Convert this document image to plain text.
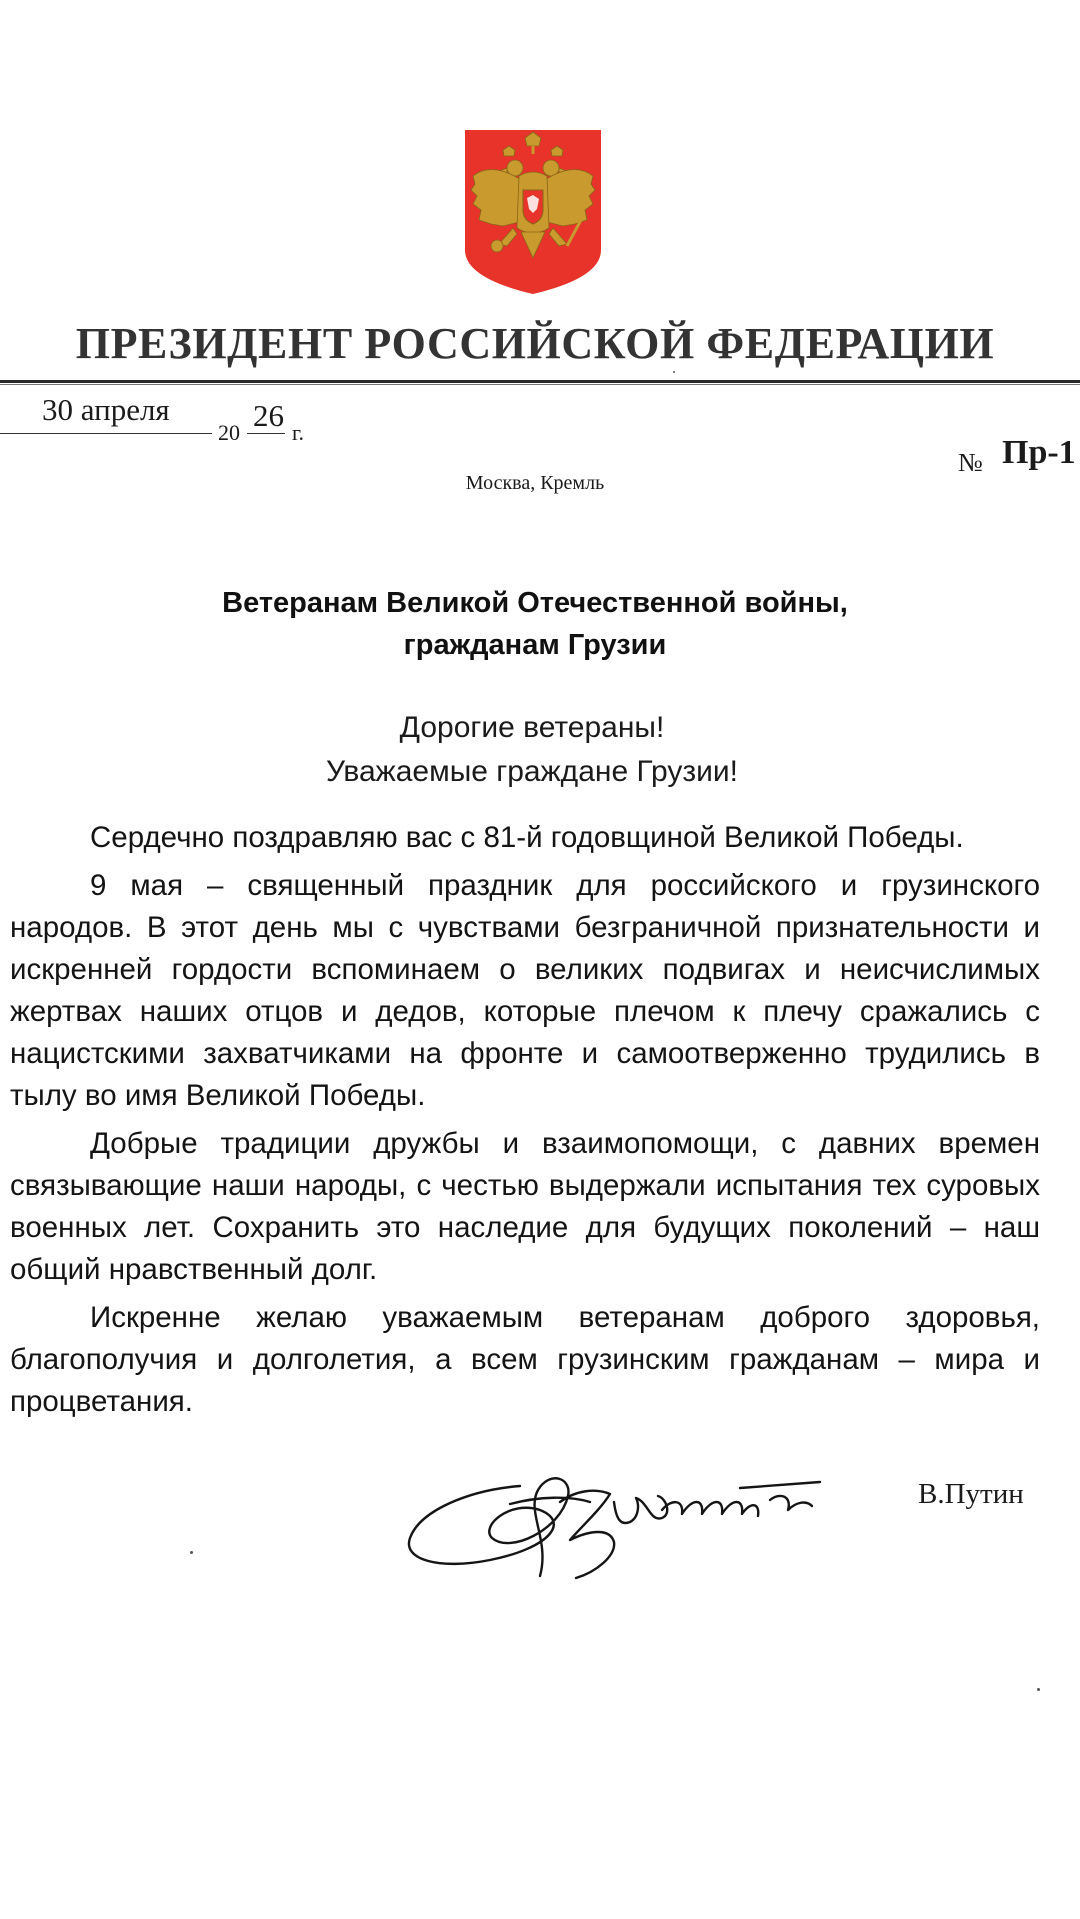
ПРЕЗИДЕНТ РОССИЙСКОЙ ФЕДЕРАЦИИ
30 апреля
20 26 г.
№ Пр-1
Москва, Кремль
Ветеранам Великой Отечественной войны,
гражданам Грузии
Дорогие ветераны!
Уважаемые граждане Грузии!

Сердечно поздравляю вас с 81-й годовщиной Великой Победы.

9 мая – священный праздник для российского и грузинского народов. В этот день мы с чувствами безграничной признательности и искренней гордости вспоминаем о великих подвигах и неисчислимых жертвах наших отцов и дедов, которые плечом к плечу сражались с нацистскими захватчиками на фронте и самоотверженно трудились в тылу во имя Великой Победы.

Добрые традиции дружбы и взаимопомощи, с давних времен связывающие наши народы, с честью выдержали испытания тех суровых военных лет. Сохранить это наследие для будущих поколений – наш общий нравственный долг.

Искренне желаю уважаемым ветеранам доброго здоровья, благополучия и долголетия, а всем грузинским гражданам – мира и процветания.

В.Путин
